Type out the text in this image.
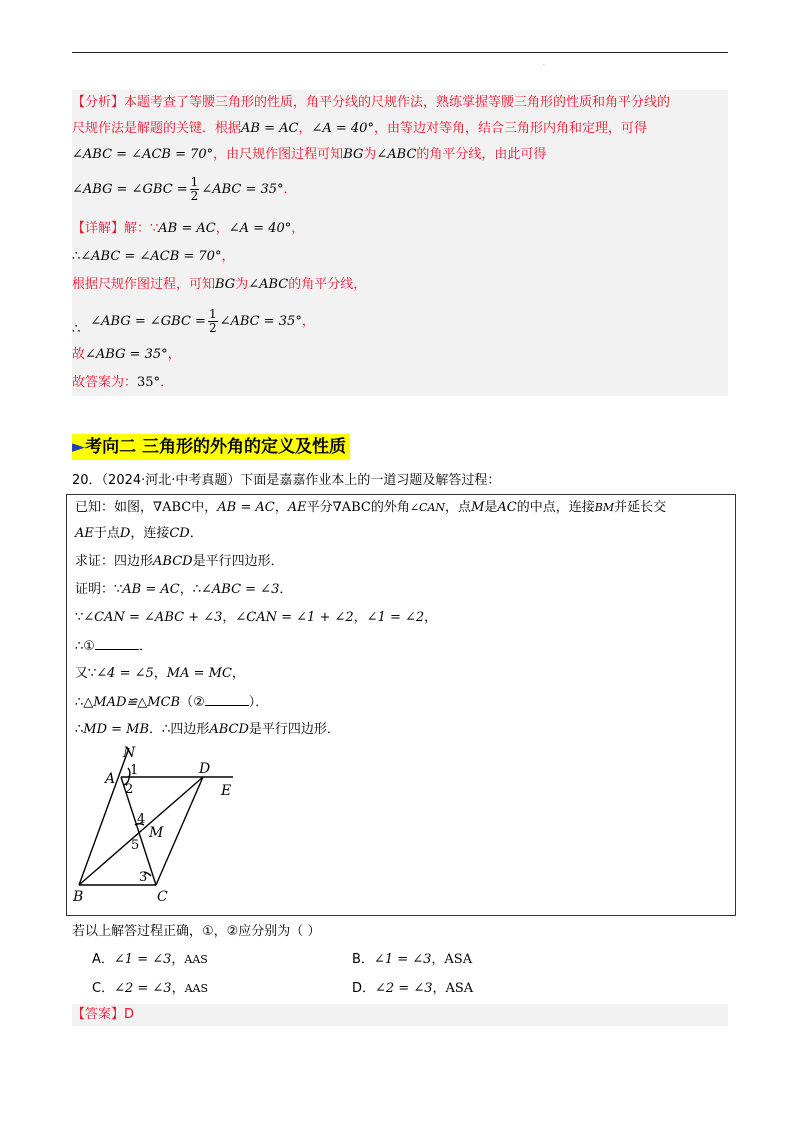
.
【分析】本题考查了等腰三角形的性质，角平分线的尺规作法，熟练掌握等腰三角形的性质和角平分线的
尺规作法是解题的关键．根据AB = AC，∠A = 40°，由等边对等角，结合三角形内角和定理，可得
∠ABC = ∠ACB = 70°，由尺规作图过程可知BG为∠ABC的角平分线，由此可得
∠ABG = ∠GBC = $\frac{1}{2}$ ∠ABC = 35°．
【详解】解：∵AB = AC，∠A = 40°，
∴∠ABC = ∠ACB = 70°，
根据尺规作图过程，可知BG为∠ABC的角平分线，
∴∠ABG = ∠GBC = $\frac{1}{2}$ ∠ABC = 35°，
故∠ABG = 35°，
故答案为：35°．
►考向二 三角形的外角的定义及性质
20．（2024·河北·中考真题）下面是嘉嘉作业本上的一道习题及解答过程：
已知：如图，∇ABC中，AB = AC，AE平分∇ABC的外角∠CAN，点M是AC的中点，连接BM并延长交
AE于点D，连接CD．
求证：四边形ABCD是平行四边形．
证明：∵AB = AC，∴∠ABC = ∠3．
∵∠CAN = ∠ABC + ∠3，∠CAN = ∠1 + ∠2，∠1 = ∠2，
∴①	．
又∵∠4 = ∠5，MA = MC，
∴△MAD≌△MCB（②	）．
∴MD = MB．∴四边形ABCD是平行四边形．
N
A
D
E
M
B	C
1
2
3
4
5
若以上解答过程正确，①，②应分别为（ ）
A．∠1 = ∠3，AAS	B．∠1 = ∠3，ASA
C．∠2 = ∠3，AAS	D．∠2 = ∠3，ASA
【答案】D
